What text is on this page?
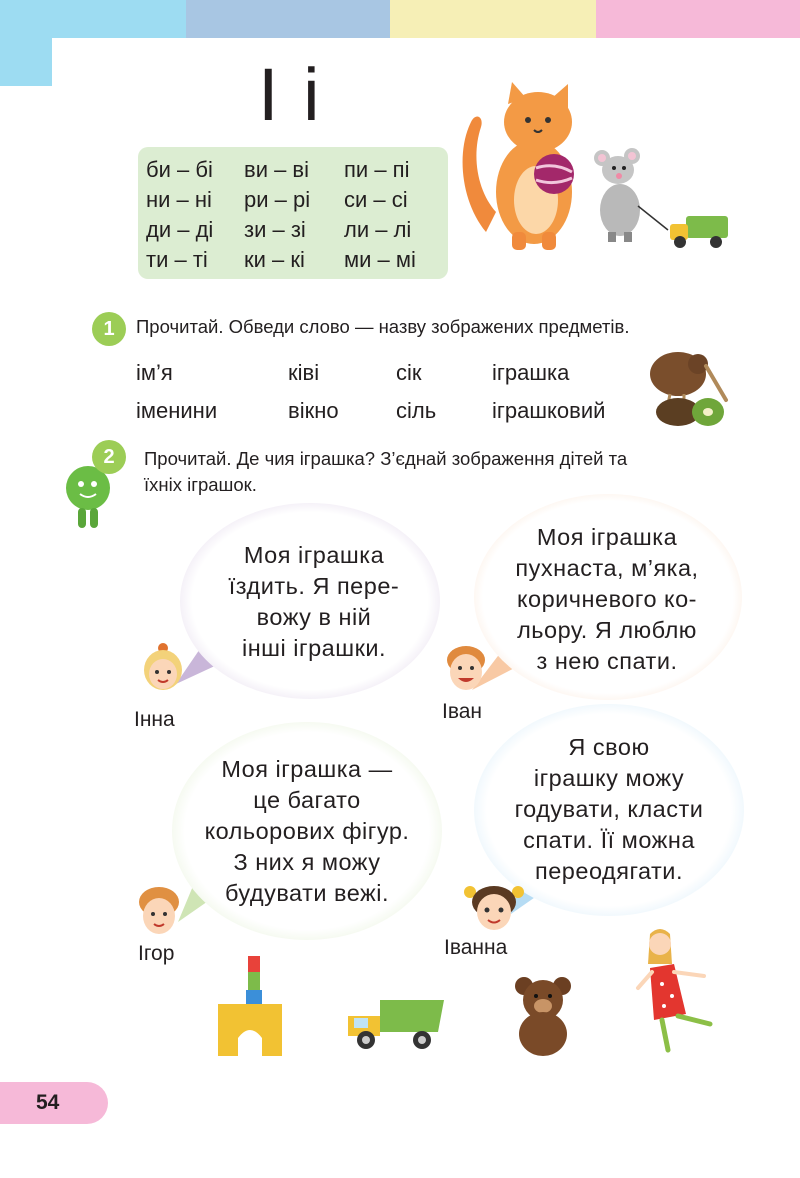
І і
би – бі ви – ві пи – пі
ни – ні ри – рі си – сі
ди – ді зи – зі ли – лі
ти – ті ки – кі ми – мі
1	Прочитай. Обведи слово — назву зображених предметів.
ім’я	ківі	сік	іграшка
іменини	вікно	сіль	іграшковий
2	Прочитай. Де чия іграшка? З’єднай зображення дітей та
їхніх іграшок.
Моя іграшка
їздить. Я пере-
вожу в ній
інші іграшки.
Моя іграшка
пухнаста, м’яка,
коричневого ко-
льору. Я люблю
з нею спати.
Моя іграшка —
це багато
кольорових фігур.
З них я можу
будувати вежі.
Я свою
іграшку можу
годувати, класти
спати. Її можна
переодягати.
Інна	Іван
Ігор	Іванна
54
